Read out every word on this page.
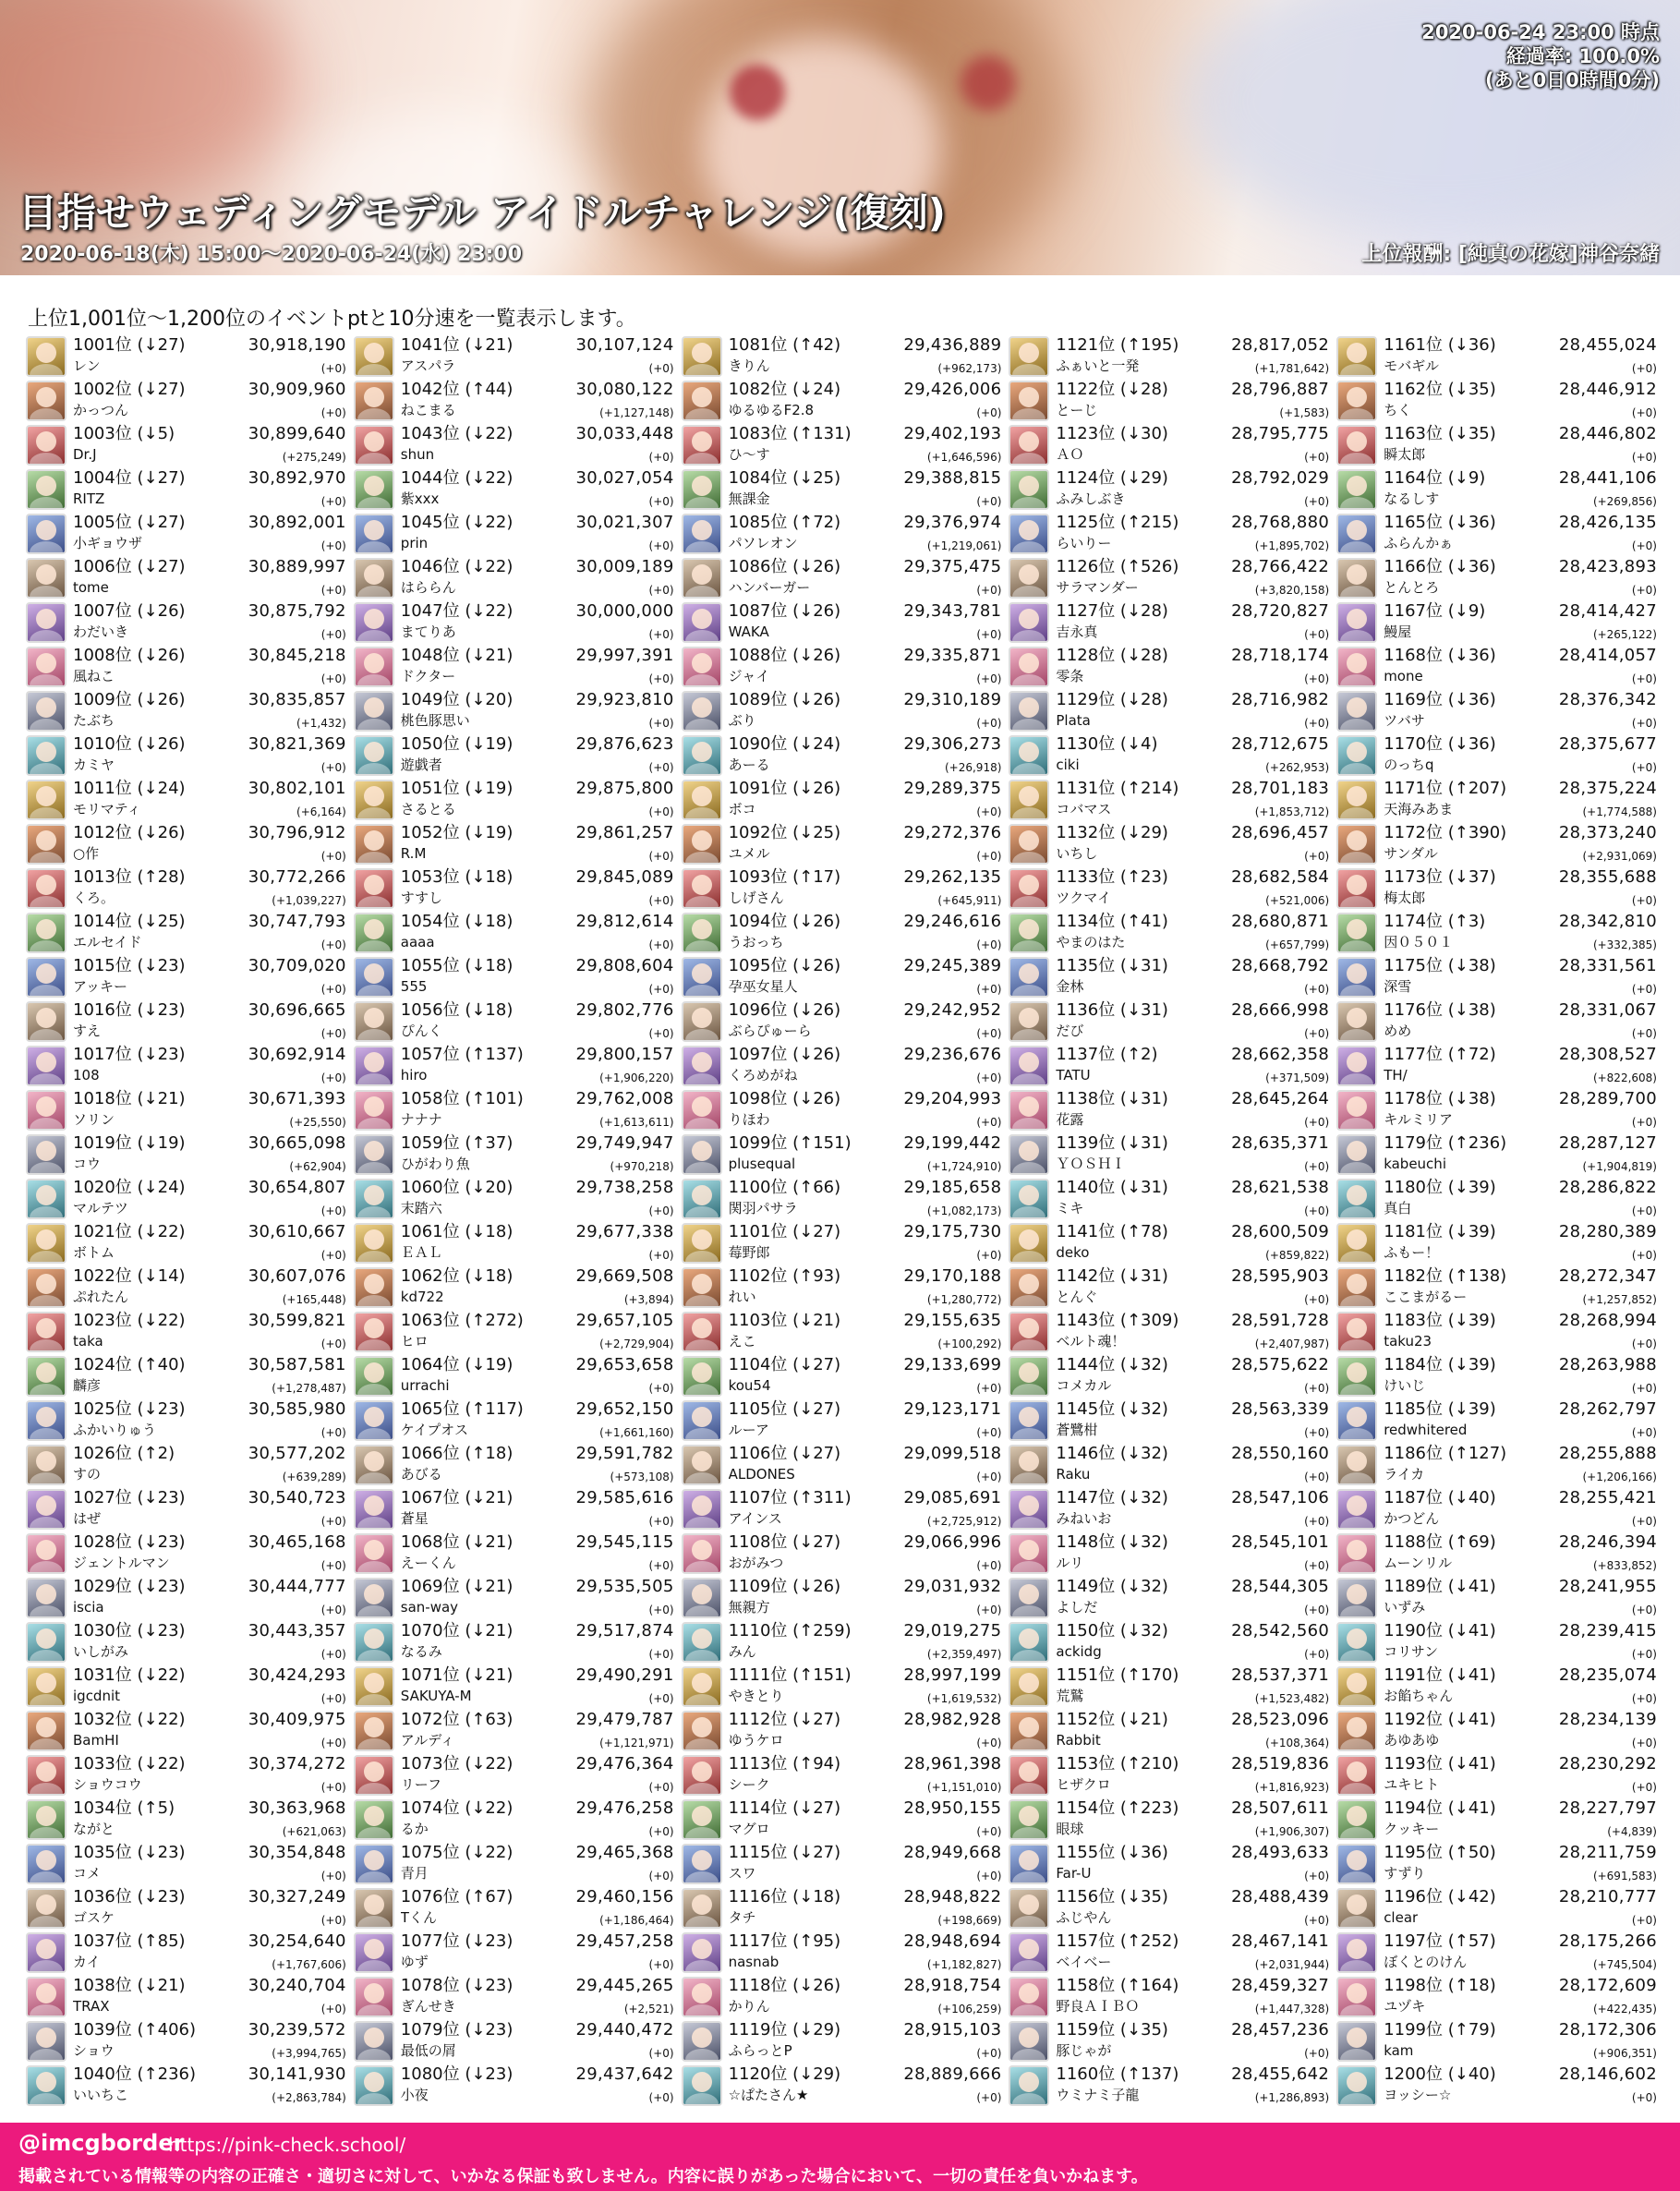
2020-06-24 23:00 時点
経過率: 100.0%
(あと0日0時間0分)
目指せウェディングモデル アイドルチャレンジ(復刻)
2020-06-18(木) 15:00〜2020-06-24(水) 23:00	上位報酬: [純真の花嫁]神谷奈緒
上位1,001位〜1,200位のイベントptと10分速を一覧表示します。
1001位 (↓27)	30,918,190
レン	(+0)
1002位 (↓27)	30,909,960
かっつん	(+0)
1003位 (↓5)	30,899,640
Dr.J	(+275,249)
1004位 (↓27)	30,892,970
RITZ	(+0)
1005位 (↓27)	30,892,001
小ギョウザ	(+0)
1006位 (↓27)	30,889,997
tome	(+0)
1007位 (↓26)	30,875,792
わだいき	(+0)
1008位 (↓26)	30,845,218
風ねこ	(+0)
1009位 (↓26)	30,835,857
たぶち	(+1,432)
1010位 (↓26)	30,821,369
カミヤ	(+0)
1011位 (↓24)	30,802,101
モリマティ	(+6,164)
1012位 (↓26)	30,796,912
○作	(+0)
1013位 (↑28)	30,772,266
くろ。	(+1,039,227)
1014位 (↓25)	30,747,793
エルセイド	(+0)
1015位 (↓23)	30,709,020
アッキー	(+0)
1016位 (↓23)	30,696,665
すえ	(+0)
1017位 (↓23)	30,692,914
108	(+0)
1018位 (↓21)	30,671,393
ソリン	(+25,550)
1019位 (↓19)	30,665,098
コウ	(+62,904)
1020位 (↓24)	30,654,807
マルテツ	(+0)
1021位 (↓22)	30,610,667
ボトム	(+0)
1022位 (↓14)	30,607,076
ぷれたん	(+165,448)
1023位 (↓22)	30,599,821
taka	(+0)
1024位 (↑40)	30,587,581
麟彦	(+1,278,487)
1025位 (↓23)	30,585,980
ふかいりゅう	(+0)
1026位 (↑2)	30,577,202
すの	(+639,289)
1027位 (↓23)	30,540,723
はぜ	(+0)
1028位 (↓23)	30,465,168
ジェントルマン	(+0)
1029位 (↓23)	30,444,777
iscia	(+0)
1030位 (↓23)	30,443,357
いしがみ	(+0)
1031位 (↓22)	30,424,293
igcdnit	(+0)
1032位 (↓22)	30,409,975
BamHI	(+0)
1033位 (↓22)	30,374,272
ショウコウ	(+0)
1034位 (↑5)	30,363,968
ながと	(+621,063)
1035位 (↓23)	30,354,848
コメ	(+0)
1036位 (↓23)	30,327,249
ゴスケ	(+0)
1037位 (↑85)	30,254,640
カイ	(+1,767,606)
1038位 (↓21)	30,240,704
TRAX	(+0)
1039位 (↑406)	30,239,572
ショウ	(+3,994,765)
1040位 (↑236)	30,141,930
いいちこ	(+2,863,784)
1041位 (↓21)	30,107,124
アスパラ	(+0)
1042位 (↑44)	30,080,122
ねこまる	(+1,127,148)
1043位 (↓22)	30,033,448
shun	(+0)
1044位 (↓22)	30,027,054
紫xxx	(+0)
1045位 (↓22)	30,021,307
prin	(+0)
1046位 (↓22)	30,009,189
はららん	(+0)
1047位 (↓22)	30,000,000
まてりあ	(+0)
1048位 (↓21)	29,997,391
ドクター	(+0)
1049位 (↓20)	29,923,810
桃色豚思い	(+0)
1050位 (↓19)	29,876,623
遊戯者	(+0)
1051位 (↓19)	29,875,800
さるとる	(+0)
1052位 (↓19)	29,861,257
R.M	(+0)
1053位 (↓18)	29,845,089
すすし	(+0)
1054位 (↓18)	29,812,614
aaaa	(+0)
1055位 (↓18)	29,808,604
555	(+0)
1056位 (↓18)	29,802,776
ぴんく	(+0)
1057位 (↑137)	29,800,157
hiro	(+1,906,220)
1058位 (↑101)	29,762,008
ナナナ	(+1,613,611)
1059位 (↑37)	29,749,947
ひがわり魚	(+970,218)
1060位 (↓20)	29,738,258
末踏六	(+0)
1061位 (↓18)	29,677,338
ＥＡＬ	(+0)
1062位 (↓18)	29,669,508
kd722	(+3,894)
1063位 (↑272)	29,657,105
ヒロ	(+2,729,904)
1064位 (↓19)	29,653,658
urrachi	(+0)
1065位 (↑117)	29,652,150
ケイプオス	(+1,661,160)
1066位 (↑18)	29,591,782
あびる	(+573,108)
1067位 (↓21)	29,585,616
蒼星	(+0)
1068位 (↓21)	29,545,115
えーくん	(+0)
1069位 (↓21)	29,535,505
san-way	(+0)
1070位 (↓21)	29,517,874
なるみ	(+0)
1071位 (↓21)	29,490,291
SAKUYA-M	(+0)
1072位 (↑63)	29,479,787
アルディ	(+1,121,971)
1073位 (↓22)	29,476,364
リーフ	(+0)
1074位 (↓22)	29,476,258
るか	(+0)
1075位 (↓22)	29,465,368
青月	(+0)
1076位 (↑67)	29,460,156
Tくん	(+1,186,464)
1077位 (↓23)	29,457,258
ゆず	(+0)
1078位 (↓23)	29,445,265
ぎんせき	(+2,521)
1079位 (↓23)	29,440,472
最低の屑	(+0)
1080位 (↓23)	29,437,642
小夜	(+0)
1081位 (↑42)	29,436,889
きりん	(+962,173)
1082位 (↓24)	29,426,006
ゆるゆるF2.8	(+0)
1083位 (↑131)	29,402,193
ひ〜す	(+1,646,596)
1084位 (↓25)	29,388,815
無課金	(+0)
1085位 (↑72)	29,376,974
パソレオン	(+1,219,061)
1086位 (↓26)	29,375,475
ハンバーガー	(+0)
1087位 (↓26)	29,343,781
WAKA	(+0)
1088位 (↓26)	29,335,871
ジャイ	(+0)
1089位 (↓26)	29,310,189
ぶり	(+0)
1090位 (↓24)	29,306,273
あーる	(+26,918)
1091位 (↓26)	29,289,375
ボコ	(+0)
1092位 (↓25)	29,272,376
ユメル	(+0)
1093位 (↑17)	29,262,135
しげさん	(+645,911)
1094位 (↓26)	29,246,616
うおっち	(+0)
1095位 (↓26)	29,245,389
孕巫女星人	(+0)
1096位 (↓26)	29,242,952
ぶらぴゅーら	(+0)
1097位 (↓26)	29,236,676
くろめがね	(+0)
1098位 (↓26)	29,204,993
りほわ	(+0)
1099位 (↑151)	29,199,442
plusequal	(+1,724,910)
1100位 (↑66)	29,185,658
関羽パサラ	(+1,082,173)
1101位 (↓27)	29,175,730
莓野郎	(+0)
1102位 (↑93)	29,170,188
れい	(+1,280,772)
1103位 (↓21)	29,155,635
えこ	(+100,292)
1104位 (↓27)	29,133,699
kou54	(+0)
1105位 (↓27)	29,123,171
ルーア	(+0)
1106位 (↓27)	29,099,518
ALDONES	(+0)
1107位 (↑311)	29,085,691
アインス	(+2,725,912)
1108位 (↓27)	29,066,996
おがみつ	(+0)
1109位 (↓26)	29,031,932
無親方	(+0)
1110位 (↑259)	29,019,275
みん	(+2,359,497)
1111位 (↑151)	28,997,199
やきとり	(+1,619,532)
1112位 (↓27)	28,982,928
ゆうケロ	(+0)
1113位 (↑94)	28,961,398
シーク	(+1,151,010)
1114位 (↓27)	28,950,155
マグロ	(+0)
1115位 (↓27)	28,949,668
スワ	(+0)
1116位 (↓18)	28,948,822
タチ	(+198,669)
1117位 (↑95)	28,948,694
nasnab	(+1,182,827)
1118位 (↓26)	28,918,754
かりん	(+106,259)
1119位 (↓29)	28,915,103
ふらっとP	(+0)
1120位 (↓29)	28,889,666
☆ぱたさん★	(+0)
1121位 (↑195)	28,817,052
ふぁいと一発	(+1,781,642)
1122位 (↓28)	28,796,887
とーじ	(+1,583)
1123位 (↓30)	28,795,775
ＡＯ	(+0)
1124位 (↓29)	28,792,029
ふみしぶき	(+0)
1125位 (↑215)	28,768,880
らいりー	(+1,895,702)
1126位 (↑526)	28,766,422
サラマンダー	(+3,820,158)
1127位 (↓28)	28,720,827
吉永真	(+0)
1128位 (↓28)	28,718,174
零条	(+0)
1129位 (↓28)	28,716,982
Plata	(+0)
1130位 (↓4)	28,712,675
ciki	(+262,953)
1131位 (↑214)	28,701,183
コバマス	(+1,853,712)
1132位 (↓29)	28,696,457
いちし	(+0)
1133位 (↑23)	28,682,584
ツクマイ	(+521,006)
1134位 (↑41)	28,680,871
やまのはた	(+657,799)
1135位 (↓31)	28,668,792
金林	(+0)
1136位 (↓31)	28,666,998
だび	(+0)
1137位 (↑2)	28,662,358
TATU	(+371,509)
1138位 (↓31)	28,645,264
花露	(+0)
1139位 (↓31)	28,635,371
ＹＯＳＨＩ	(+0)
1140位 (↓31)	28,621,538
ミキ	(+0)
1141位 (↑78)	28,600,509
deko	(+859,822)
1142位 (↓31)	28,595,903
とんぐ	(+0)
1143位 (↑309)	28,591,728
ベルト魂！	(+2,407,987)
1144位 (↓32)	28,575,622
コメカル	(+0)
1145位 (↓32)	28,563,339
蒼鷺柑	(+0)
1146位 (↓32)	28,550,160
Raku	(+0)
1147位 (↓32)	28,547,106
みねいお	(+0)
1148位 (↓32)	28,545,101
ルリ	(+0)
1149位 (↓32)	28,544,305
よしだ	(+0)
1150位 (↓32)	28,542,560
ackidg	(+0)
1151位 (↑170)	28,537,371
荒鷲	(+1,523,482)
1152位 (↓21)	28,523,096
Rabbit	(+108,364)
1153位 (↑210)	28,519,836
ヒザクロ	(+1,816,923)
1154位 (↑223)	28,507,611
眼球	(+1,906,307)
1155位 (↓36)	28,493,633
Far-U	(+0)
1156位 (↓35)	28,488,439
ふじやん	(+0)
1157位 (↑252)	28,467,141
ベイベー	(+2,031,944)
1158位 (↑164)	28,459,327
野良ＡＩＢＯ	(+1,447,328)
1159位 (↓35)	28,457,236
豚じゃが	(+0)
1160位 (↑137)	28,455,642
ウミナミ子龍	(+1,286,893)
1161位 (↓36)	28,455,024
モバギル	(+0)
1162位 (↓35)	28,446,912
ちく	(+0)
1163位 (↓35)	28,446,802
瞬太郎	(+0)
1164位 (↓9)	28,441,106
なるしす	(+269,856)
1165位 (↓36)	28,426,135
ふらんかぁ	(+0)
1166位 (↓36)	28,423,893
とんとろ	(+0)
1167位 (↓9)	28,414,427
鰻屋	(+265,122)
1168位 (↓36)	28,414,057
mone	(+0)
1169位 (↓36)	28,376,342
ツバサ	(+0)
1170位 (↓36)	28,375,677
のっちq	(+0)
1171位 (↑207)	28,375,224
天海みあま	(+1,774,588)
1172位 (↑390)	28,373,240
サンダル	(+2,931,069)
1173位 (↓37)	28,355,688
梅太郎	(+0)
1174位 (↑3)	28,342,810
因０５０１	(+332,385)
1175位 (↓38)	28,331,561
深雪	(+0)
1176位 (↓38)	28,331,067
めめ	(+0)
1177位 (↑72)	28,308,527
TH/	(+822,608)
1178位 (↓38)	28,289,700
キルミリア	(+0)
1179位 (↑236)	28,287,127
kabeuchi	(+1,904,819)
1180位 (↓39)	28,286,822
真白	(+0)
1181位 (↓39)	28,280,389
ふもー！	(+0)
1182位 (↑138)	28,272,347
ここまがるー	(+1,257,852)
1183位 (↓39)	28,268,994
taku23	(+0)
1184位 (↓39)	28,263,988
けいじ	(+0)
1185位 (↓39)	28,262,797
redwhitered	(+0)
1186位 (↑127)	28,255,888
ライカ	(+1,206,166)
1187位 (↓40)	28,255,421
かつどん	(+0)
1188位 (↑69)	28,246,394
ムーンリル	(+833,852)
1189位 (↓41)	28,241,955
いずみ	(+0)
1190位 (↓41)	28,239,415
コリサン	(+0)
1191位 (↓41)	28,235,074
お餡ちゃん	(+0)
1192位 (↓41)	28,234,139
あゆあゆ	(+0)
1193位 (↓41)	28,230,292
ユキヒト	(+0)
1194位 (↓41)	28,227,797
クッキー	(+4,839)
1195位 (↑50)	28,211,759
すずり	(+691,583)
1196位 (↓42)	28,210,777
clear	(+0)
1197位 (↑57)	28,175,266
ぼくとのけん	(+745,504)
1198位 (↑18)	28,172,609
ユヅキ	(+422,435)
1199位 (↑79)	28,172,306
kam	(+906,351)
1200位 (↓40)	28,146,602
ヨッシー☆	(+0)
@imcgborder
https://pink-check.school/
掲載されている情報等の内容の正確さ・適切さに対して、いかなる保証も致しません。内容に誤りがあった場合において、一切の責任を負いかねます。
